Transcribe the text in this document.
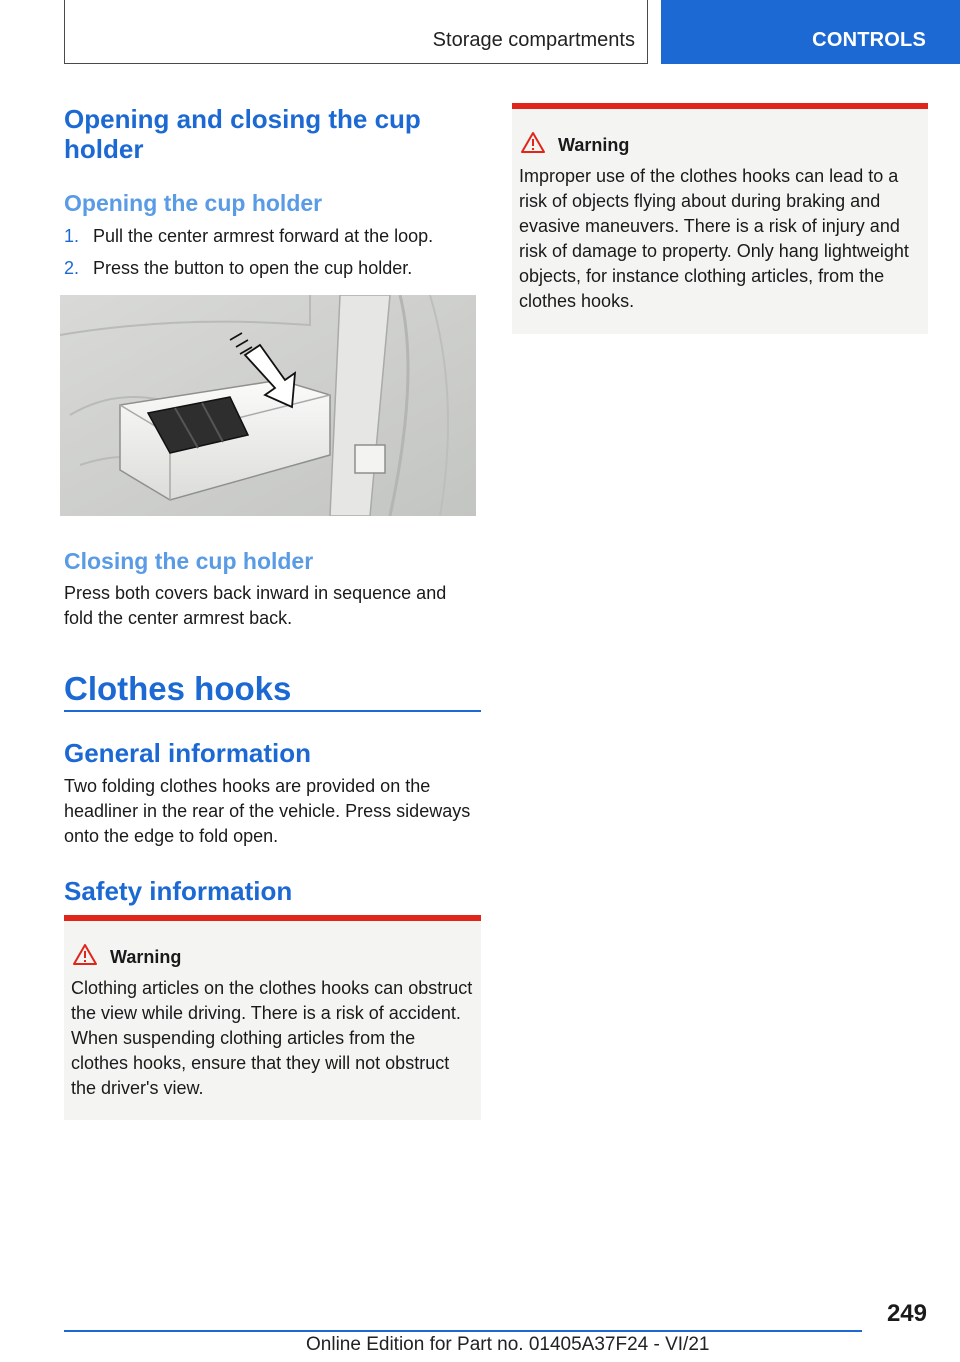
Storage compartments	CONTROLS
Opening and closing the cup holder
Opening the cup holder
1. Pull the center armrest forward at the loop.
2. Press the button to open the cup holder.
Closing the cup holder
Press both covers back inward in sequence and fold the center armrest back.
Clothes hooks
General information
Two folding clothes hooks are provided on the headliner in the rear of the vehicle. Press sideways onto the edge to fold open.
Safety information
Warning
Clothing articles on the clothes hooks can obstruct the view while driving. There is a risk of accident. When suspending clothing articles from the clothes hooks, ensure that they will not obstruct the driver's view.
Warning
Improper use of the clothes hooks can lead to a risk of objects flying about during braking and evasive maneuvers. There is a risk of injury and risk of damage to property. Only hang lightweight objects, for instance clothing articles, from the clothes hooks.
249
Online Edition for Part no. 01405A37F24 - VI/21
